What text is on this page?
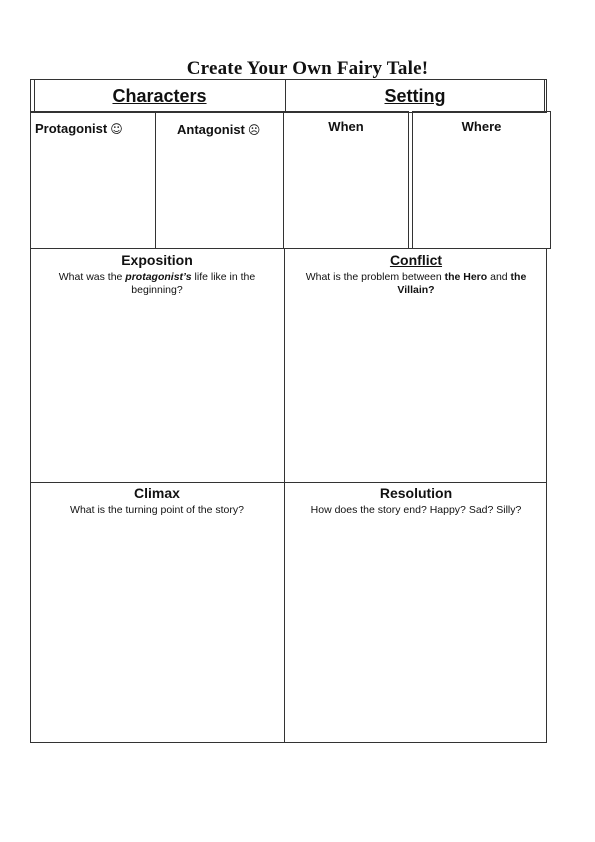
Create Your Own Fairy Tale!
Characters	Setting
Protagonist ☺	Antagonist ☹	When	Where
Exposition
What was the protagonist’s life like in the beginning?
Conflict
What is the problem between the Hero and the Villain?
Climax
What is the turning point of the story?
Resolution
How does the story end? Happy? Sad? Silly?
